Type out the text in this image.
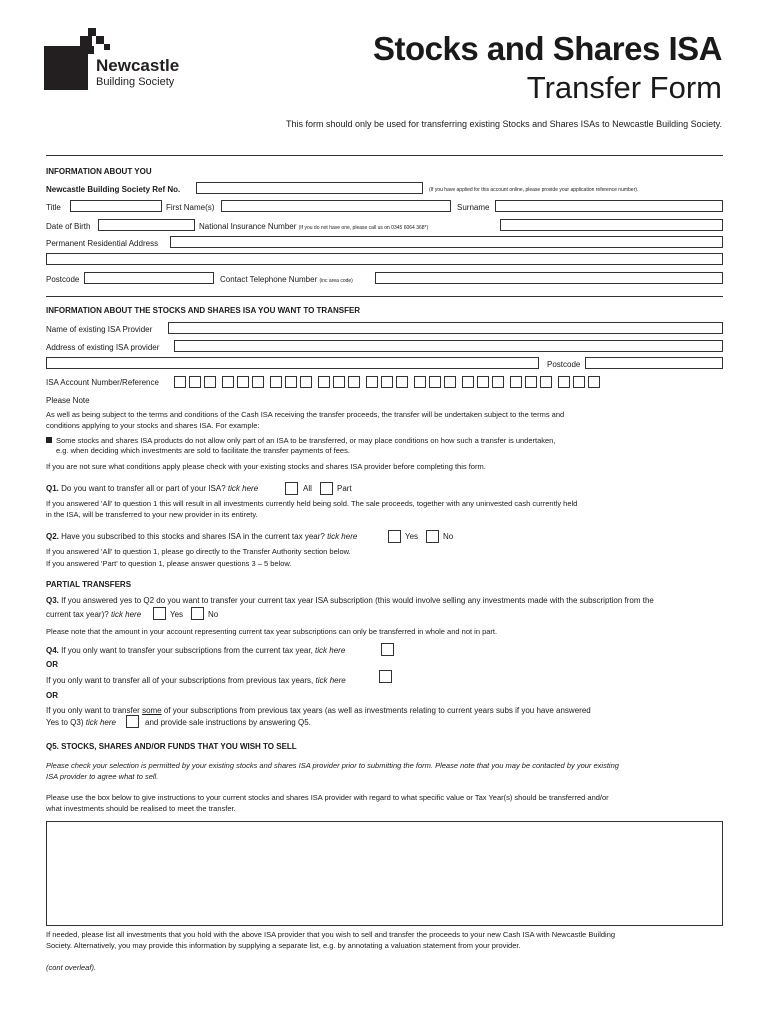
Newcastle
Building Society
Stocks and Shares ISA
Transfer Form
This form should only be used for transferring existing Stocks and Shares ISAs to Newcastle Building Society.
INFORMATION ABOUT YOU
Newcastle Building Society Ref No.	(If you have applied for this account online, please provide your application reference number).
Title	First Name(s)	Surname
Date of Birth	National Insurance Number (If you do not have one, please call us on 0345 6064 368*)
Permanent Residential Address
Postcode	Contact Telephone Number (inc area code)
INFORMATION ABOUT THE STOCKS AND SHARES ISA YOU WANT TO TRANSFER
Name of existing ISA Provider
Address of existing ISA provider
Postcode
ISA Account Number/Reference
Please Note
As well as being subject to the terms and conditions of the Cash ISA receiving the transfer proceeds, the transfer will be undertaken subject to the terms and
conditions applying to your stocks and shares ISA. For example:
Some stocks and shares ISA products do not allow only part of an ISA to be transferred, or may place conditions on how such a transfer is undertaken,
e.g. when deciding which investments are sold to facilitate the transfer payments of fees.
If you are not sure what conditions apply please check with your existing stocks and shares ISA provider before completing this form.
Q1. Do you want to transfer all or part of your ISA? tick here	All	Part
If you answered 'All' to question 1 this will result in all investments currently held being sold. The sale proceeds, together with any uninvested cash currently held
in the ISA, will be transferred to your new provider in its entirety.
Q2. Have you subscribed to this stocks and shares ISA in the current tax year? tick here	Yes	No
If you answered 'All' to question 1, please go directly to the Transfer Authority section below.
If you answered 'Part' to question 1, please answer questions 3 – 5 below.
PARTIAL TRANSFERS
Q3. If you answered yes to Q2 do you want to transfer your current tax year ISA subscription (this would involve selling any investments made with the subscription from the
current tax year)? tick here	Yes	No
Please note that the amount in your account representing current tax year subscriptions can only be transferred in whole and not in part.
Q4. If you only want to transfer your subscriptions from the current tax year, tick here
OR
If you only want to transfer all of your subscriptions from previous tax years, tick here
OR
If you only want to transfer some of your subscriptions from previous tax years (as well as investments relating to current years subs if you have answered
Yes to Q3) tick here	and provide sale instructions by answering Q5.
Q5. STOCKS, SHARES AND/OR FUNDS THAT YOU WISH TO SELL
Please check your selection is permitted by your existing stocks and shares ISA provider prior to submitting the form. Please note that you may be contacted by your existing
ISA provider to agree what to sell.
Please use the box below to give instructions to your current stocks and shares ISA provider with regard to what specific value or Tax Year(s) should be transferred and/or
what investments should be realised to meet the transfer.
If needed, please list all investments that you hold with the above ISA provider that you wish to sell and transfer the proceeds to your new Cash ISA with Newcastle Building
Society. Alternatively, you may provide this information by supplying a separate list, e.g. by annotating a valuation statement from your provider.
(cont overleaf).
